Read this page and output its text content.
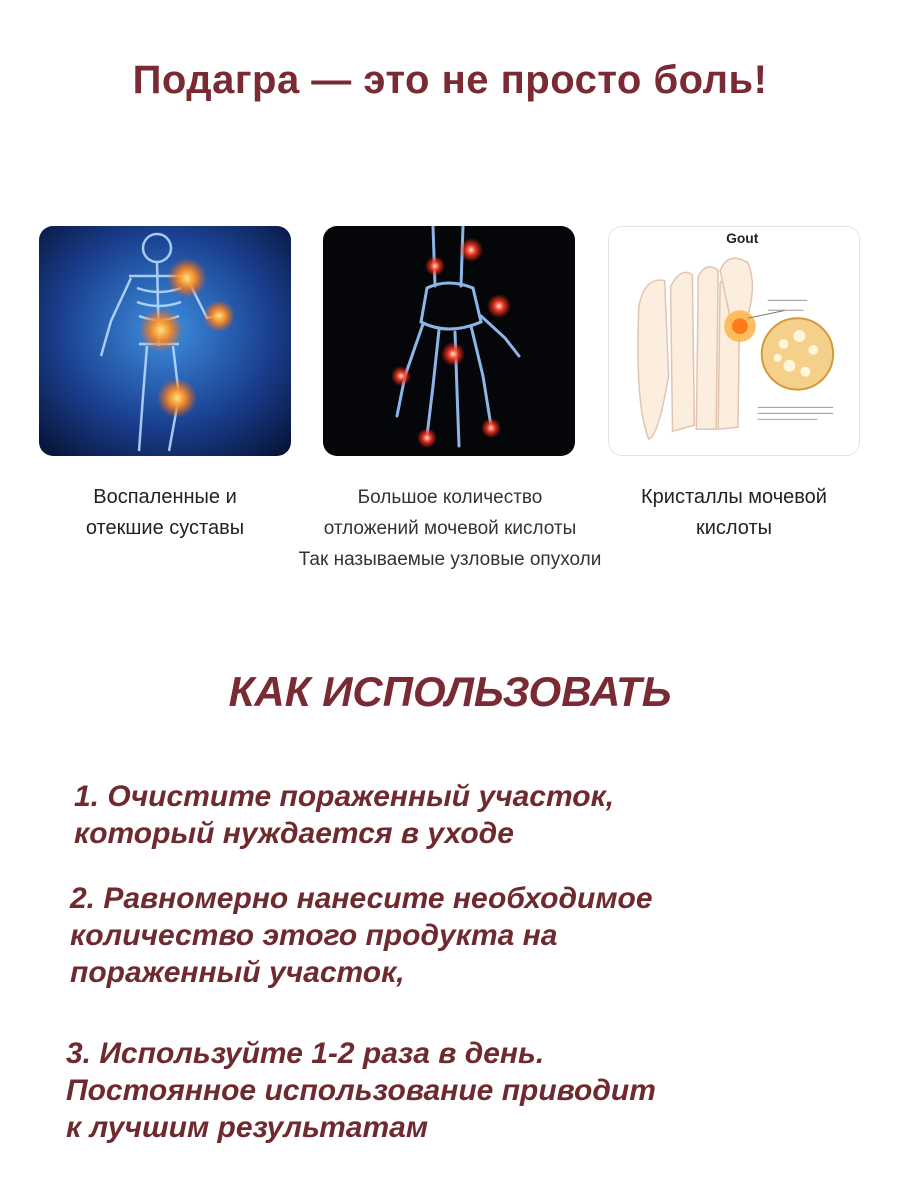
Подагра — это не просто боль!
Gout
Воспаленные и
отекшие суставы
Большое количество
отложений мочевой кислоты
Так называемые узловые опухоли
Кристаллы мочевой
кислоты
КАК ИСПОЛЬЗОВАТЬ
1. Очистите пораженный участок,
который нуждается в уходе
2. Равномерно нанесите необходимое
количество этого продукта на
пораженный участок,
3. Используйте 1-2 раза в день.
Постоянное использование приводит
к лучшим результатам
